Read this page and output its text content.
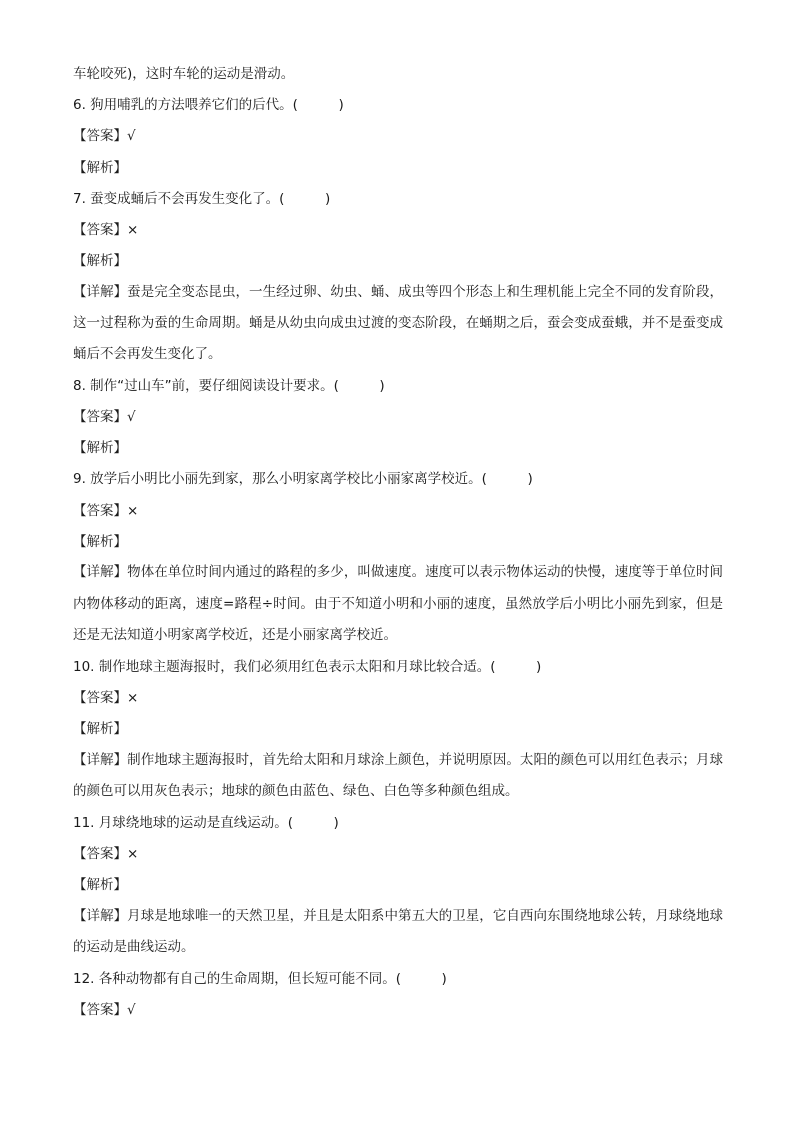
车轮咬死)，这时车轮的运动是滑动。

6. 狗用哺乳的方法喂养它们的后代。(　　　)

【答案】√

【解析】

7. 蚕变成蛹后不会再发生变化了。(　　　)

【答案】×

【解析】

【详解】蚕是完全变态昆虫，一生经过卵、幼虫、蛹、成虫等四个形态上和生理机能上完全不同的发育阶段，这一过程称为蚕的生命周期。蛹是从幼虫向成虫过渡的变态阶段，在蛹期之后，蚕会变成蚕蛾，并不是蚕变成蛹后不会再发生变化了。

8. 制作“过山车”前，要仔细阅读设计要求。(　　　)

【答案】√

【解析】

9. 放学后小明比小丽先到家，那么小明家离学校比小丽家离学校近。(　　　)

【答案】×

【解析】

【详解】物体在单位时间内通过的路程的多少，叫做速度。速度可以表示物体运动的快慢，速度等于单位时间内物体移动的距离，速度=路程÷时间。由于不知道小明和小丽的速度，虽然放学后小明比小丽先到家，但是还是无法知道小明家离学校近，还是小丽家离学校近。

10. 制作地球主题海报时，我们必须用红色表示太阳和月球比较合适。(　　　)

【答案】×

【解析】

【详解】制作地球主题海报时，首先给太阳和月球涂上颜色，并说明原因。太阳的颜色可以用红色表示；月球的颜色可以用灰色表示；地球的颜色由蓝色、绿色、白色等多种颜色组成。

11. 月球绕地球的运动是直线运动。(　　　)

【答案】×

【解析】

【详解】月球是地球唯一的天然卫星，并且是太阳系中第五大的卫星，它自西向东围绕地球公转，月球绕地球的运动是曲线运动。

12. 各种动物都有自己的生命周期，但长短可能不同。(　　　)

【答案】√
